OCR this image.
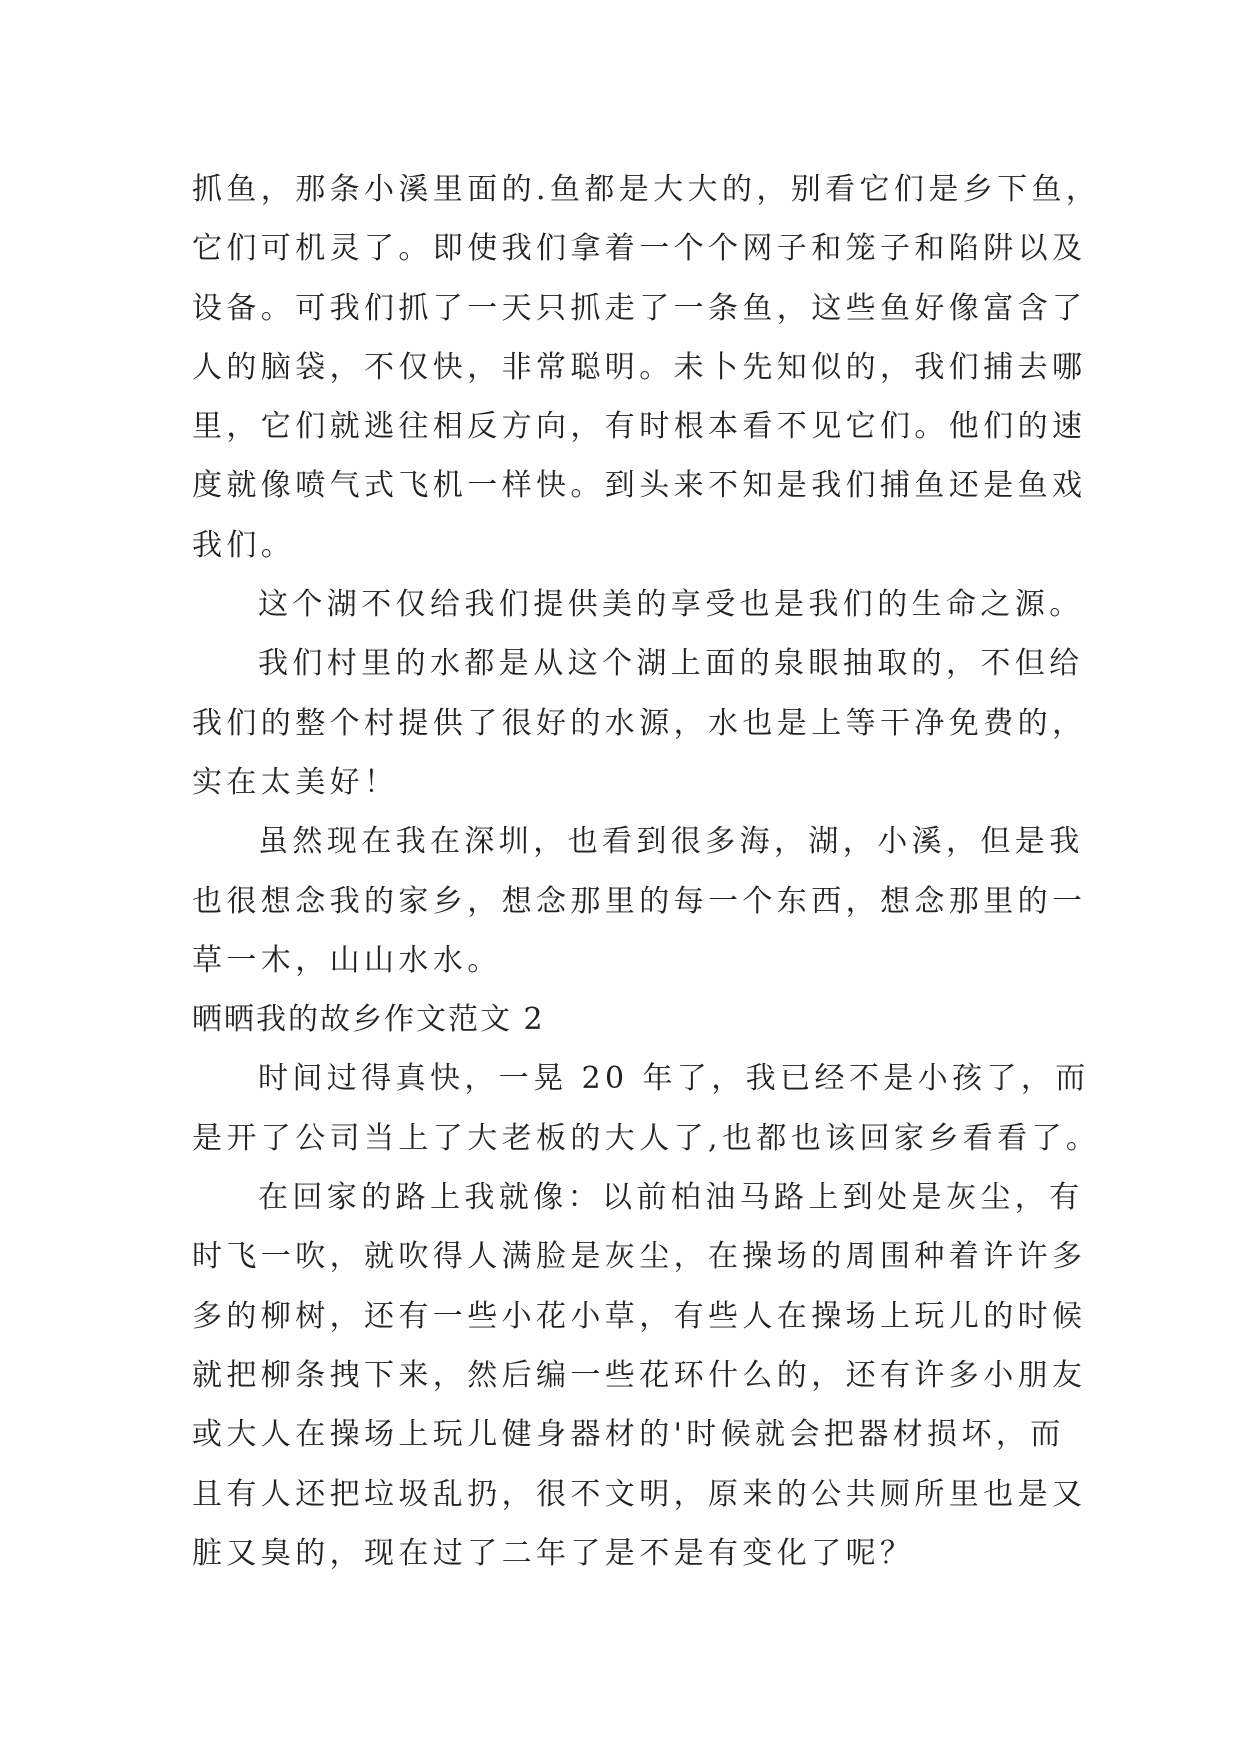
抓鱼，那条小溪里面的.鱼都是大大的，别看它们是乡下鱼，
它们可机灵了。即使我们拿着一个个网子和笼子和陷阱以及
设备。可我们抓了一天只抓走了一条鱼，这些鱼好像富含了
人的脑袋，不仅快，非常聪明。未卜先知似的，我们捕去哪
里，它们就逃往相反方向，有时根本看不见它们。他们的速
度就像喷气式飞机一样快。到头来不知是我们捕鱼还是鱼戏
我们。
这个湖不仅给我们提供美的享受也是我们的生命之源。
我们村里的水都是从这个湖上面的泉眼抽取的，不但给
我们的整个村提供了很好的水源，水也是上等干净免费的，
实在太美好！
虽然现在我在深圳，也看到很多海，湖，小溪，但是我
也很想念我的家乡，想念那里的每一个东西，想念那里的一
草一木，山山水水。
晒晒我的故乡作文范文 2
时间过得真快，一晃 20 年了，我已经不是小孩了，而
是开了公司当上了大老板的大人了,也都也该回家乡看看了。
在回家的路上我就像：以前柏油马路上到处是灰尘，有
时飞一吹，就吹得人满脸是灰尘，在操场的周围种着许许多
多的柳树，还有一些小花小草，有些人在操场上玩儿的时候
就把柳条拽下来，然后编一些花环什么的，还有许多小朋友
或大人在操场上玩儿健身器材的'时候就会把器材损坏，而
且有人还把垃圾乱扔，很不文明，原来的公共厕所里也是又
脏又臭的，现在过了二年了是不是有变化了呢？
